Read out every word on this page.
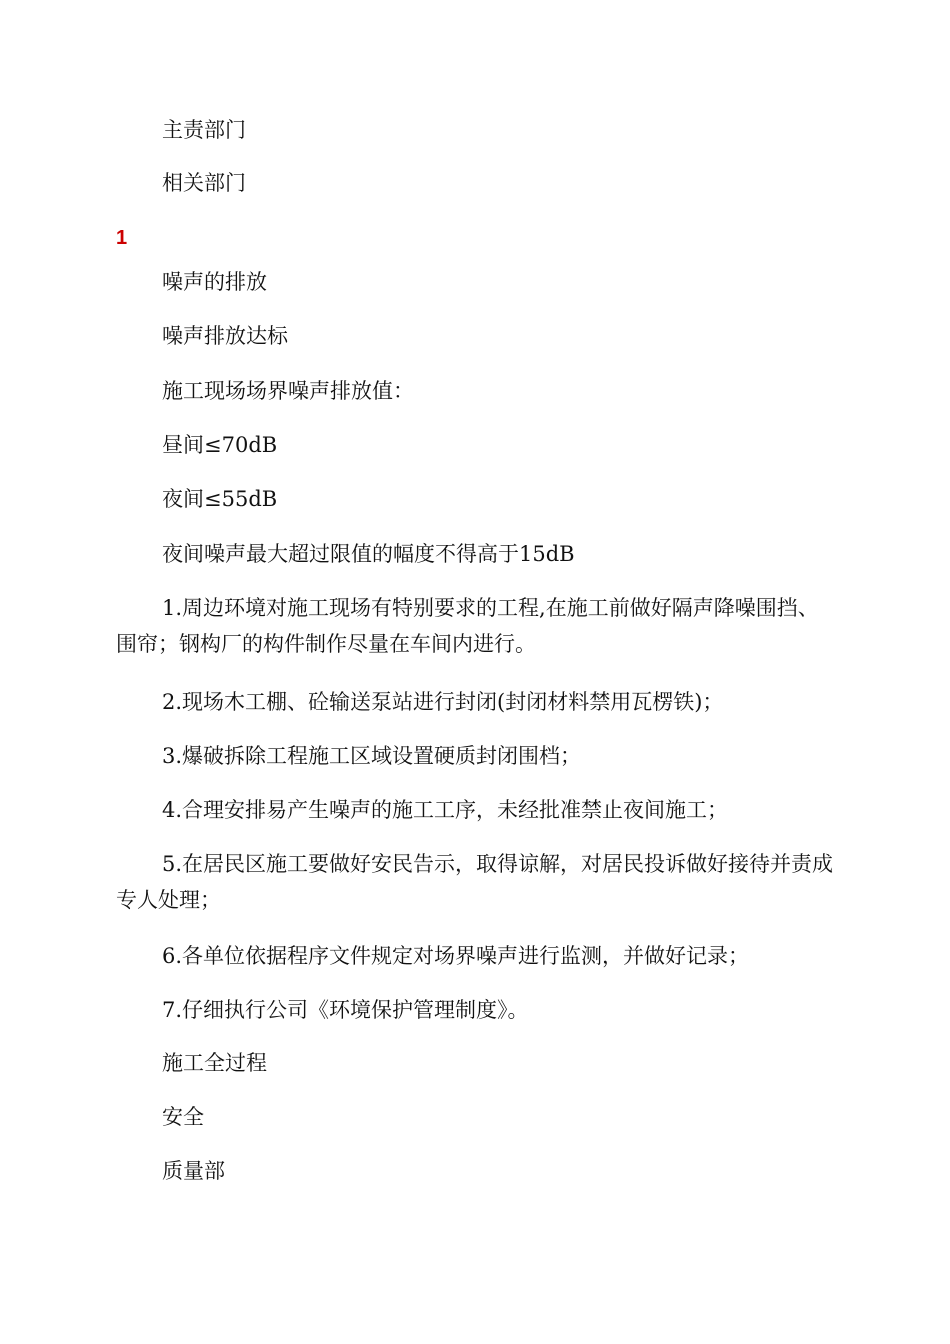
主责部门
相关部门
1
噪声的排放
噪声排放达标
施工现场场界噪声排放值：
昼间≤70dB
夜间≤55dB
夜间噪声最大超过限值的幅度不得高于15dB
1.周边环境对施工现场有特别要求的工程,在施工前做好隔声降噪围挡、围帘；钢构厂的构件制作尽量在车间内进行。
2.现场木工棚、砼输送泵站进行封闭(封闭材料禁用瓦楞铁)；
3.爆破拆除工程施工区域设置硬质封闭围档；
4.合理安排易产生噪声的施工工序，未经批准禁止夜间施工；
5.在居民区施工要做好安民告示，取得谅解，对居民投诉做好接待并责成专人处理；
6.各单位依据程序文件规定对场界噪声进行监测，并做好记录；
7.仔细执行公司《环境保护管理制度》。
施工全过程
安全
质量部
